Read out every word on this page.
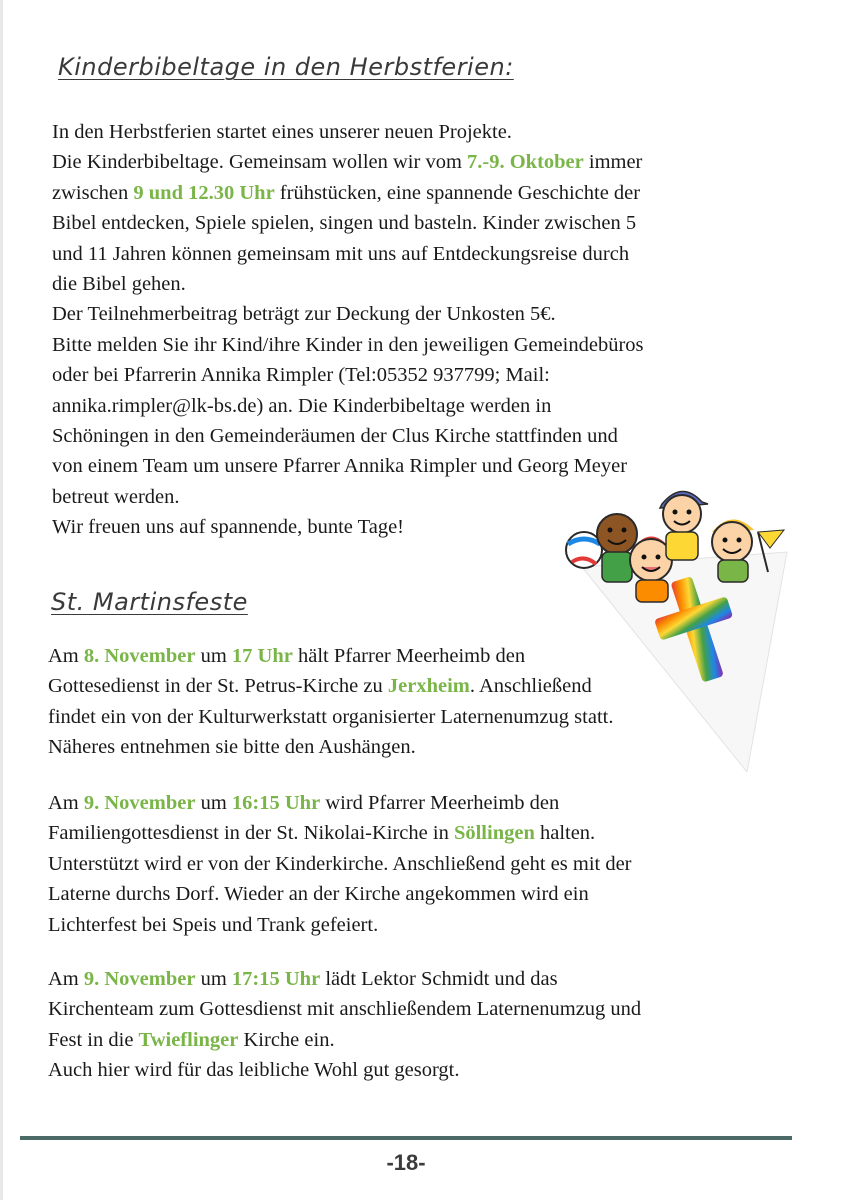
Kinderbibeltage in den Herbstferien:
In den Herbstferien startet eines unserer neuen Projekte.
Die Kinderbibeltage. Gemeinsam wollen wir vom 7.-9. Oktober immer
zwischen 9 und 12.30 Uhr frühstücken, eine spannende Geschichte der
Bibel entdecken, Spiele spielen, singen und basteln. Kinder zwischen 5
und 11 Jahren können gemeinsam mit uns auf Entdeckungsreise durch
die Bibel gehen.
Der Teilnehmerbeitrag beträgt zur Deckung der Unkosten 5€.
Bitte melden Sie ihr Kind/ihre Kinder in den jeweiligen Gemeindebüros
oder bei Pfarrerin Annika Rimpler (Tel:05352 937799; Mail:
annika.rimpler@lk-bs.de) an. Die Kinderbibeltage werden in
Schöningen in den Gemeinderäumen der Clus Kirche stattfinden und
von einem Team um unsere Pfarrer Annika Rimpler und Georg Meyer
betreut werden.
Wir freuen uns auf spannende, bunte Tage!
St. Martinsfeste
Am 8. November um 17 Uhr hält Pfarrer Meerheimb den
Gottesedienst in der St. Petrus-Kirche zu Jerxheim. Anschließend
findet ein von der Kulturwerkstatt organisierter Laternenumzug statt.
Näheres entnehmen sie bitte den Aushängen.
Am 9. November um 16:15 Uhr wird Pfarrer Meerheimb den
Familiengottesdienst in der St. Nikolai-Kirche in Söllingen halten.
Unterstützt wird er von der Kinderkirche. Anschließend geht es mit der
Laterne durchs Dorf. Wieder an der Kirche angekommen wird ein
Lichterfest bei Speis und Trank gefeiert.
Am 9. November um 17:15 Uhr lädt Lektor Schmidt und das
Kirchenteam zum Gottesdienst mit anschließendem Laternenumzug und
Fest in die Twieflinger Kirche ein.
Auch hier wird für das leibliche Wohl gut gesorgt.
-18-
